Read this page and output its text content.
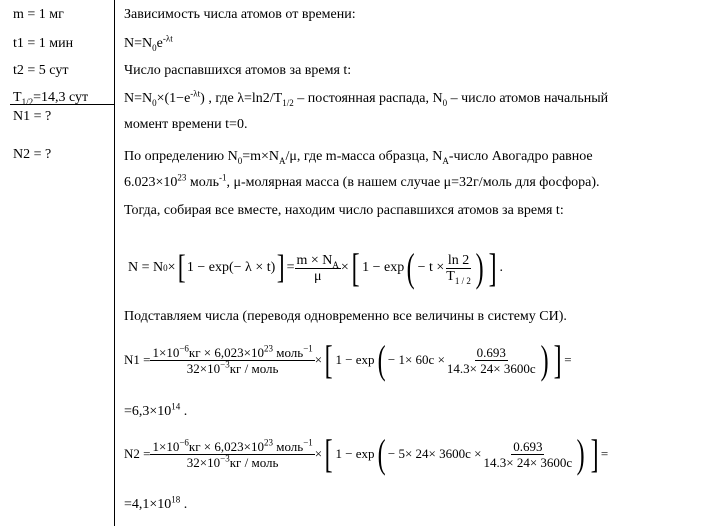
m = 1 мг
t1 = 1 мин
t2 = 5 сут
$T_{1/2}=14,3$ сут
N1 = ?
N2 = ?
Зависимость числа атомов от времени:
$N=N_0e^{-\lambda t}$
Число распавшихся атомов за время t:
$N=N_0\times(1-e^{-\lambda t})$ , где $\lambda=\ln 2/T_{1/2}$ – постоянная распада, $N_0$ – число атомов начальный
момент времени t=0.
По определению $N_0=m\times N_A/\mu$, где m-масса образца, $N_A$-число Авогадро равное
$6.023\times 10^{23}$ моль$^{-1}$, μ-молярная масса (в нашем случае μ=32г/моль для фосфора).
Тогда, собирая все вместе, находим число распавшихся атомов за время t:
N = N 0 × [ 1 − exp(− λ × t) ] = $\frac{m \times N_A}{\mu}$ × [ 1 − exp ( − $t \times \frac{\ln 2}{T_{1 / 2}}$ ) ] .
Подставляем числа (переводя одновременно все величины в систему СИ).
$N1 = \frac{1\times 10^{-6}кг \times 6,023\times 10^{23} моль^{-1}}{32\times 10^{-3}кг / моль}$ × [ 1 − exp ( − $1\times 60с \times \frac{0.693}{14.3\times 24\times 3600с}$ ) ] =
$=6,3\times 10^{14}$ .
$N2 = \frac{1\times 10^{-6}кг \times 6,023\times 10^{23} моль^{-1}}{32\times 10^{-3}кг / моль}$ × [ 1 − exp ( − $5\times 24\times 3600с \times \frac{0.693}{14.3\times 24\times 3600с}$ ) ] =
$=4,1\times 10^{18}$ .
